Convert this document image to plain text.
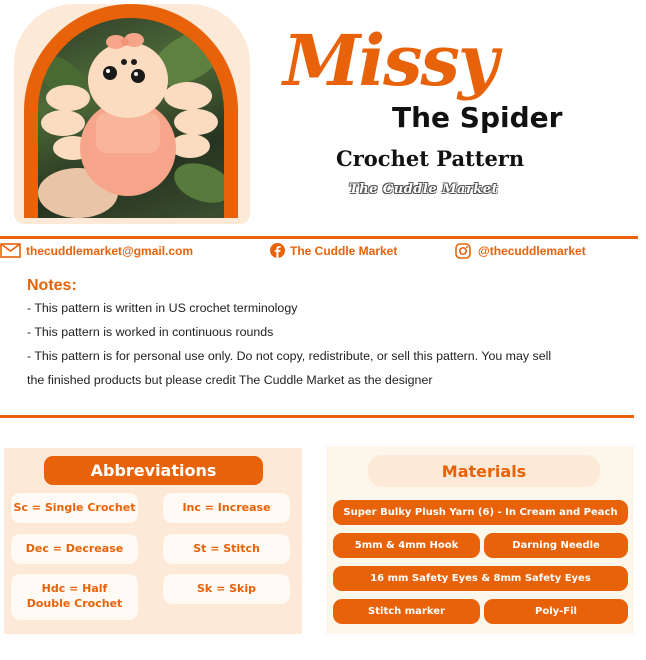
Missy
The Spider
Crochet Pattern
The Cuddle Market
thecuddlemarket@gmail.com	The Cuddle Market	@thecuddlemarket
Notes:
- This pattern is written in US crochet terminology
- This pattern is worked in continuous rounds
- This pattern is for personal use only. Do not copy, redistribute, or sell this pattern. You may sell
the finished products but please credit The Cuddle Market as the designer
Abbreviations
Sc = Single Crochet	Inc = Increase
Dec = Decrease	St = Stitch
Hdc = Half Double Crochet
Sk = Skip
Materials
Super Bulky Plush Yarn (6) - In Cream and Peach
5mm & 4mm Hook	Darning Needle
16 mm Safety Eyes & 8mm Safety Eyes
Stitch marker	Poly-Fil
